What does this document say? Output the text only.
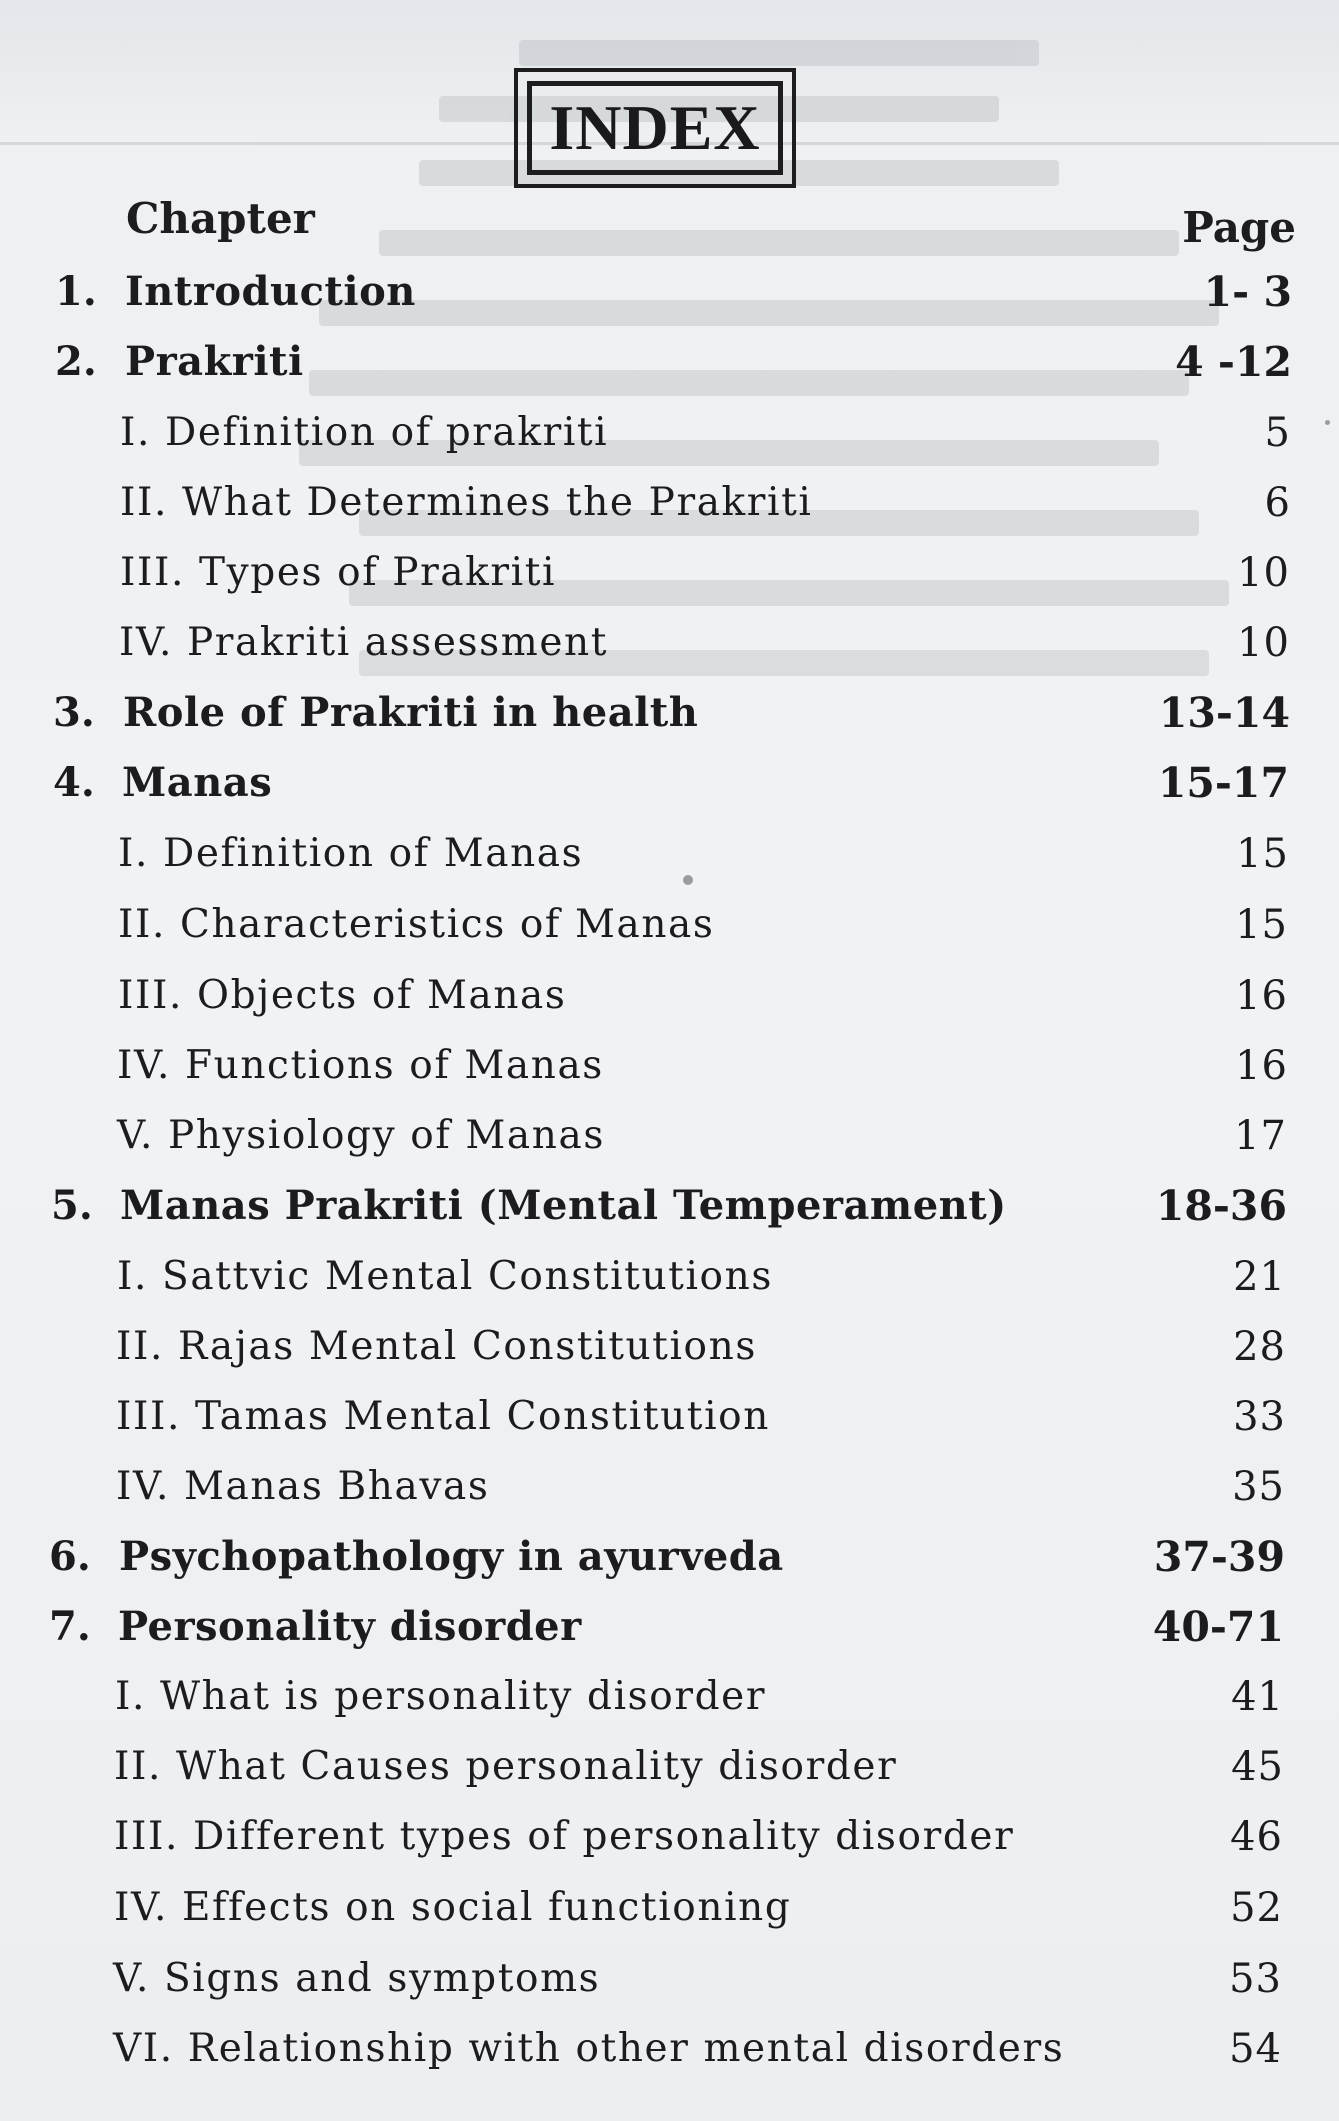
INDEX
Chapter	Page
1. Introduction	1- 3
2. Prakriti	4 -12
I. Definition of prakriti	5
II. What Determines the Prakriti	6
III. Types of Prakriti	10
IV. Prakriti assessment	10
3. Role of Prakriti in health	13-14
4. Manas	15-17
I. Definition of Manas	15
II. Characteristics of Manas	15
III. Objects of Manas	16
IV. Functions of Manas	16
V. Physiology of Manas	17
5. Manas Prakriti (Mental Temperament)	18-36
I. Sattvic Mental Constitutions	21
II. Rajas Mental Constitutions	28
III. Tamas Mental Constitution	33
IV. Manas Bhavas	35
6. Psychopathology in ayurveda	37-39
7. Personality disorder	40-71
I. What is personality disorder	41
II. What Causes personality disorder	45
III. Different types of personality disorder	46
IV. Effects on social functioning	52
V. Signs and symptoms	53
VI. Relationship with other mental disorders	54
